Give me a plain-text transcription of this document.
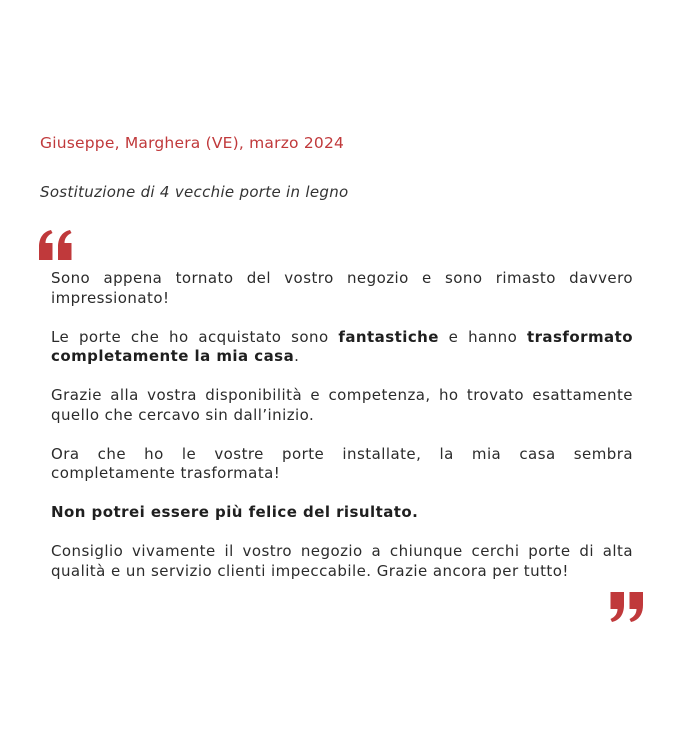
Giuseppe, Marghera (VE), marzo 2024
Sostituzione di 4 vecchie porte in legno

Sono appena tornato del vostro negozio e sono rimasto davvero impressionato!

Le porte che ho acquistato sono fantastiche e hanno trasformato completamente la mia casa.

Grazie alla vostra disponibilità e competenza, ho trovato esattamente quello che cercavo sin dall’inizio.

Ora che ho le vostre porte installate, la mia casa sembra completamente trasformata!

Non potrei essere più felice del risultato.

Consiglio vivamente il vostro negozio a chiunque cerchi porte di alta qualità e un servizio clienti impeccabile. Grazie ancora per tutto!
